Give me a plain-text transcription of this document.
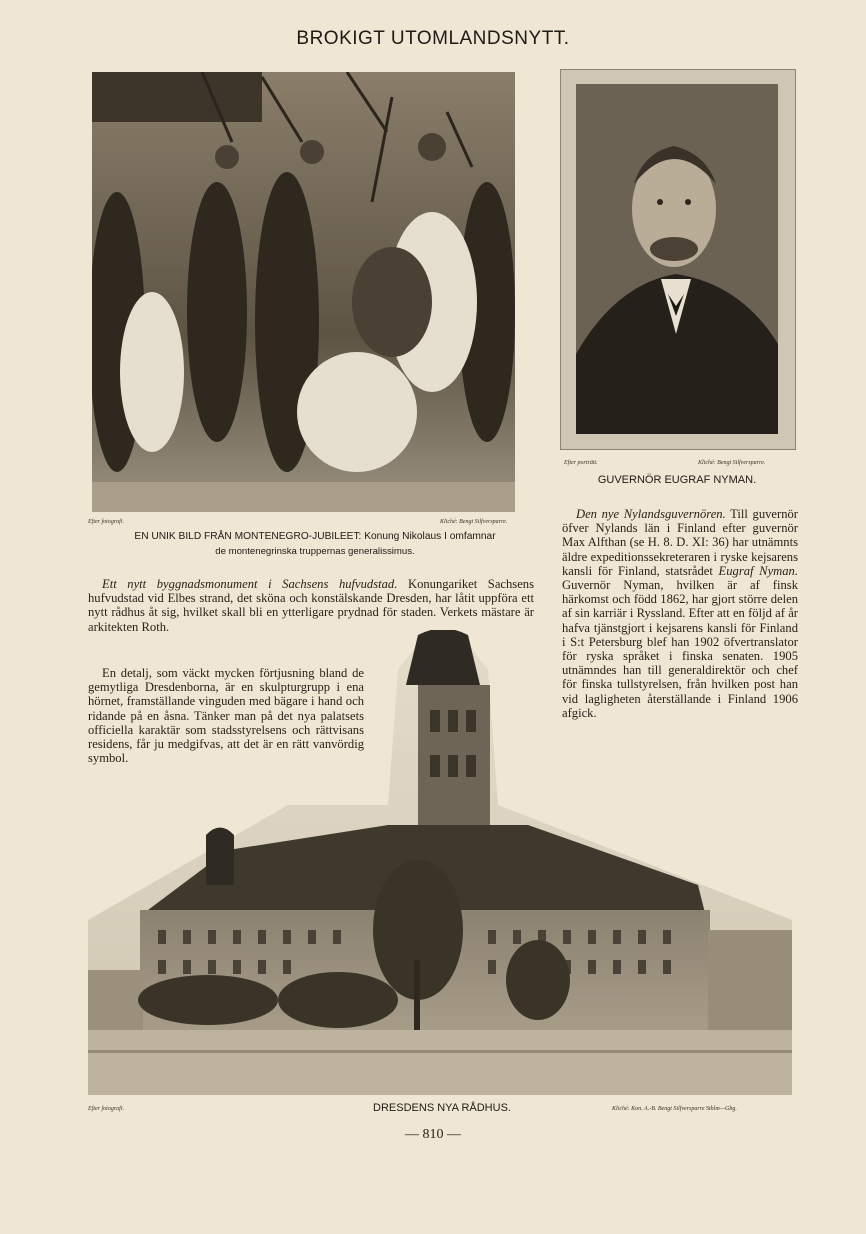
BROKIGT UTOMLANDSNYTT.
Efter fotografi.	Kliché: Bengt Silfversparre.
EN UNIK BILD FRÅN MONTENEGRO-JUBILEET: Konung Nikolaus I omfamnar
de montenegrinska truppernas generalissimus.
Efter porträtt.	Kliché: Bengt Silfversparre.
GUVERNÖR EUGRAF NYMAN.

Ett nytt byggnadsmonument i Sachsens hufvudstad. Konungariket Sachsens hufvudstad vid Elbes strand, det sköna och konstälskande Dresden, har låtit uppföra ett nytt rådhus åt sig, hvilket skall bli en ytterligare prydnad för staden. Verkets mästare är arkitekten Roth.

En detalj, som väckt mycken förtjusning bland de gemytliga Dresdenborna, är en skulpturgrupp i ena hörnet, framställande vinguden med bägare i hand och ridande på en åsna. Tänker man på det nya palatsets officiella karaktär som stadsstyrelsens och rättvisans residens, får ju medgifvas, att det är en rätt vanvördig symbol.

Den nye Nylandsguvernören. Till guvernör öfver Nylands län i Finland efter guvernör Max Alfthan (se H. 8. D. XI: 36) har utnämnts äldre expeditionssekreteraren i ryske kejsarens kansli för Finland, statsrådet Eugraf Nyman. Guvernör Nyman, hvilken är af finsk härkomst och född 1862, har gjort större delen af sin karriär i Ryssland. Efter att en följd af år hafva tjänstgjort i kejsarens kansli för Finland i S:t Petersburg blef han 1902 öfvertranslator för ryska språket i finska senaten. 1905 utnämndes han till generaldirektör och chef för finska tullstyrelsen, från hvilken post han vid lagligheten återställande i Finland 1906 afgick.

Efter fotografi.	Kliché: Kon. A.-B. Bengt Silfversparre Sthlm—Gbg.
DRESDENS NYA RÅDHUS.
— 810 —
